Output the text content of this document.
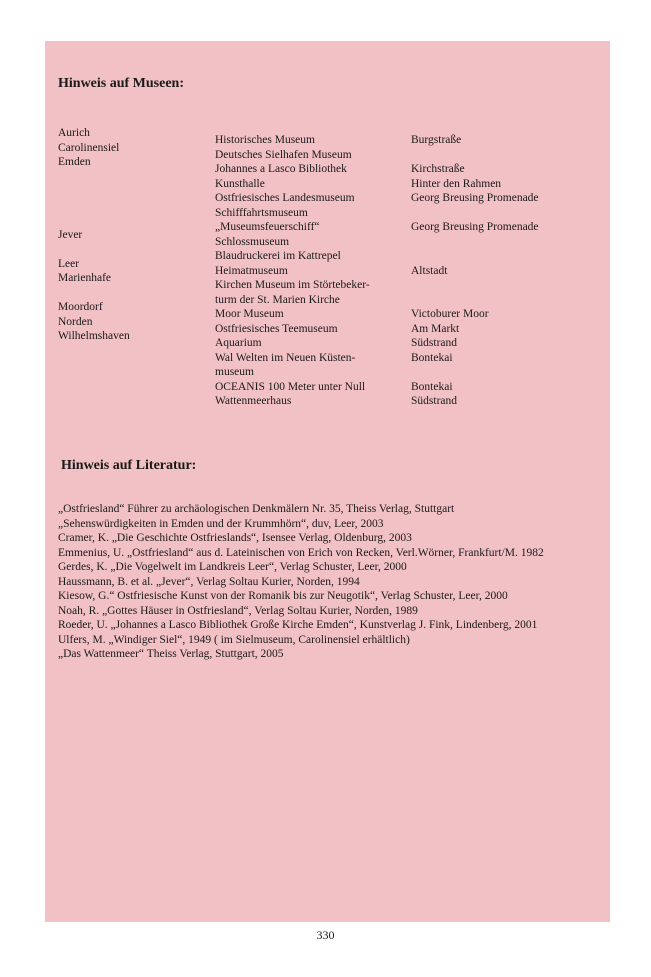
Hinweis auf Museen:
Aurich
Carolinensiel
Emden
Jever
Leer
Marienhafe
Moordorf
Norden
Wilhelmshaven
Historisches Museum
Deutsches Sielhafen Museum
Johannes a Lasco Bibliothek
Kunsthalle
Ostfriesisches Landesmuseum
Schifffahrtsmuseum
„Museumsfeuerschiff“
Schlossmuseum
Blaudruckerei im Kattrepel
Heimatmuseum
Kirchen Museum im Störtebeker-
turm der St. Marien Kirche
Moor Museum
Ostfriesisches Teemuseum
Aquarium
Wal Welten im Neuen Küsten-
museum
OCEANIS 100 Meter unter Null
Wattenmeerhaus
Burgstraße
Kirchstraße
Hinter den Rahmen
Georg Breusing Promenade
Georg Breusing Promenade
Altstadt
Victoburer Moor
Am Markt
Südstrand
Bontekai
Bontekai
Südstrand
Hinweis auf Literatur:
„Ostfriesland“ Führer zu archäologischen Denkmälern Nr. 35, Theiss Verlag, Stuttgart
„Sehenswürdigkeiten in Emden und der Krummhörn“, duv, Leer, 2003
Cramer, K. „Die Geschichte Ostfrieslands“, Isensee Verlag, Oldenburg, 2003
Emmenius, U. „Ostfriesland“ aus d. Lateinischen von Erich von Recken, Verl.Wörner, Frankfurt/M. 1982
Gerdes, K. „Die Vogelwelt im Landkreis Leer“, Verlag Schuster, Leer, 2000
Haussmann, B. et al. „Jever“, Verlag Soltau Kurier, Norden, 1994
Kiesow, G.“ Ostfriesische Kunst von der Romanik bis zur Neugotik“, Verlag Schuster, Leer, 2000
Noah, R. „Gottes Häuser in Ostfriesland“, Verlag Soltau Kurier, Norden, 1989
Roeder, U. „Johannes a Lasco Bibliothek Große Kirche Emden“, Kunstverlag J. Fink, Lindenberg, 2001
Ulfers, M. „Windiger Siel“, 1949 ( im Sielmuseum, Carolinensiel erhältlich)
„Das Wattenmeer“ Theiss Verlag, Stuttgart, 2005
330
